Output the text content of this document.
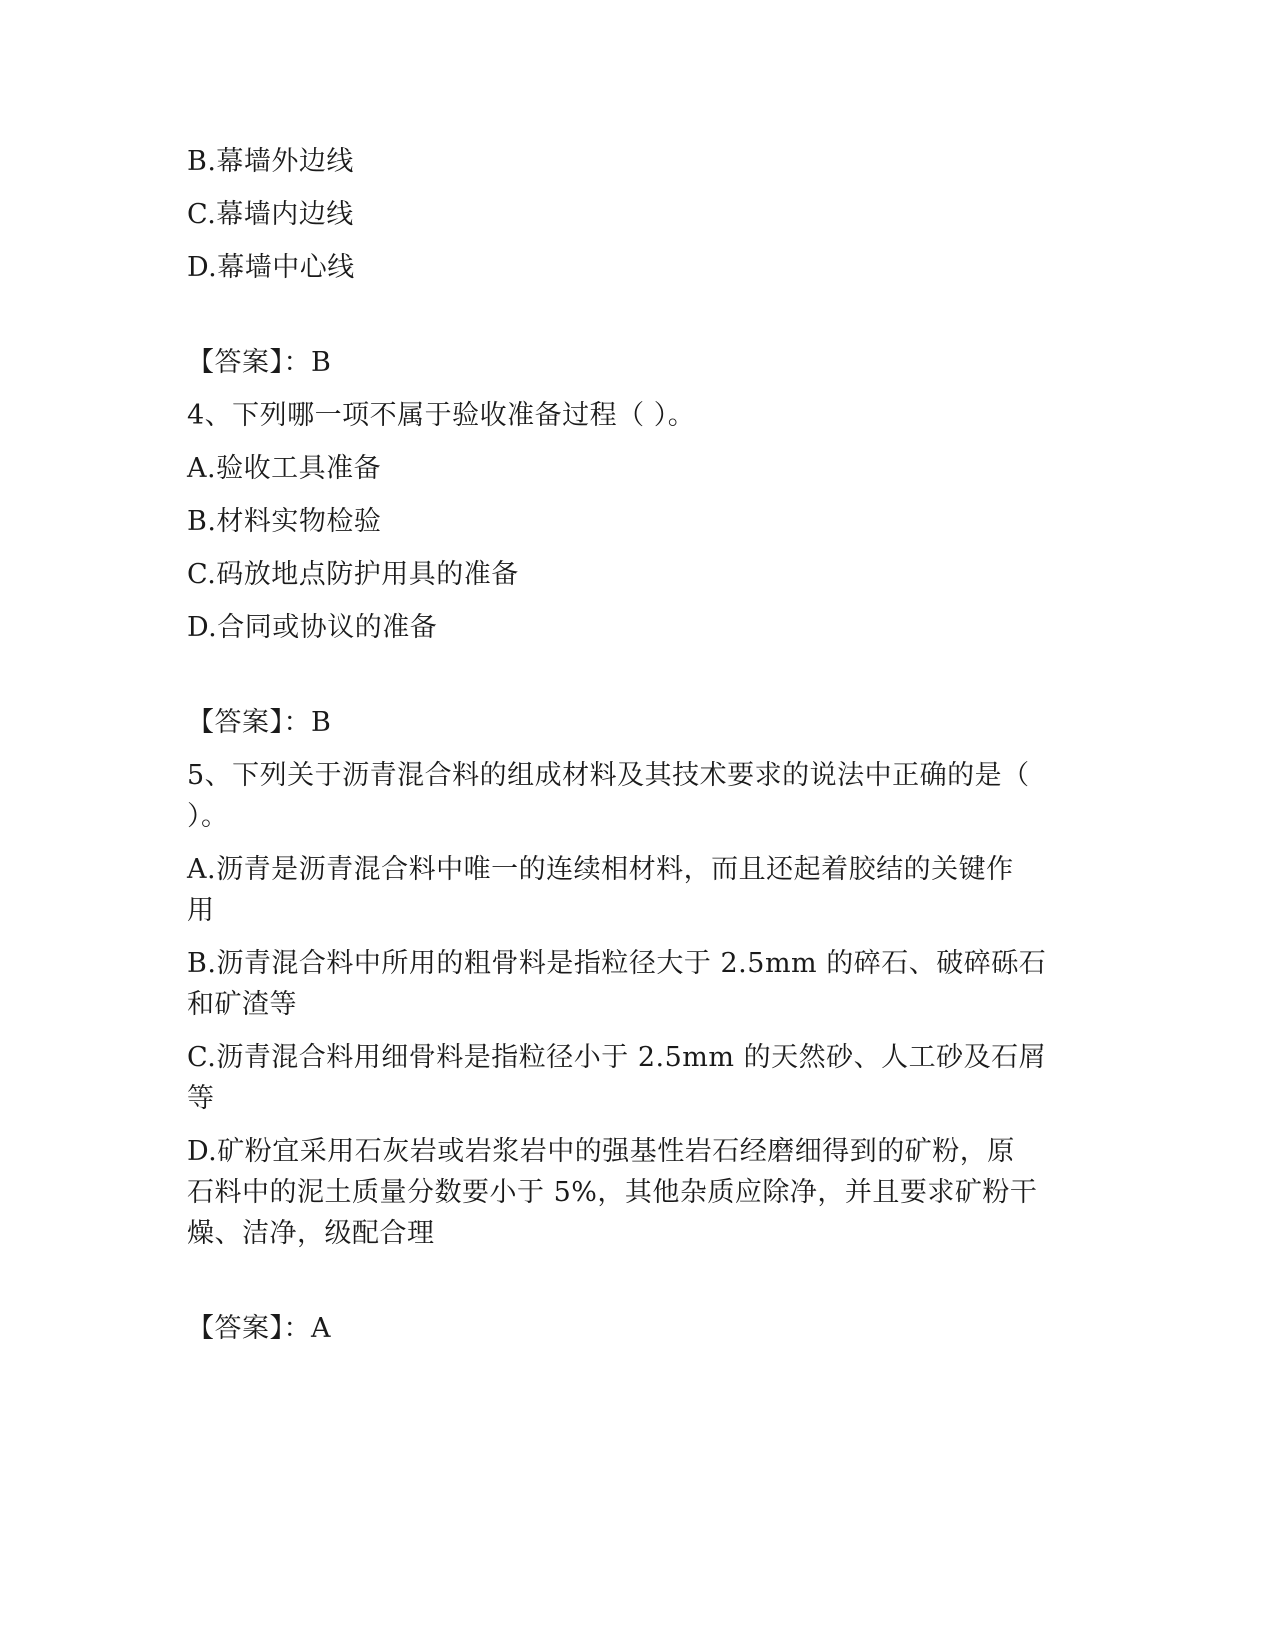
B.幕墙外边线
C.幕墙内边线
D.幕墙中心线
【答案】：B
4、下列哪一项不属于验收准备过程（ ）。
A.验收工具准备
B.材料实物检验
C.码放地点防护用具的准备
D.合同或协议的准备
【答案】：B
5、下列关于沥青混合料的组成材料及其技术要求的说法中正确的是（
）。
A.沥青是沥青混合料中唯一的连续相材料，而且还起着胶结的关键作
用
B.沥青混合料中所用的粗骨料是指粒径大于 2.5mm 的碎石、破碎砾石
和矿渣等
C.沥青混合料用细骨料是指粒径小于 2.5mm 的天然砂、人工砂及石屑
等
D.矿粉宜采用石灰岩或岩浆岩中的强基性岩石经磨细得到的矿粉，原
石料中的泥土质量分数要小于 5%，其他杂质应除净，并且要求矿粉干
燥、洁净，级配合理
【答案】：A
